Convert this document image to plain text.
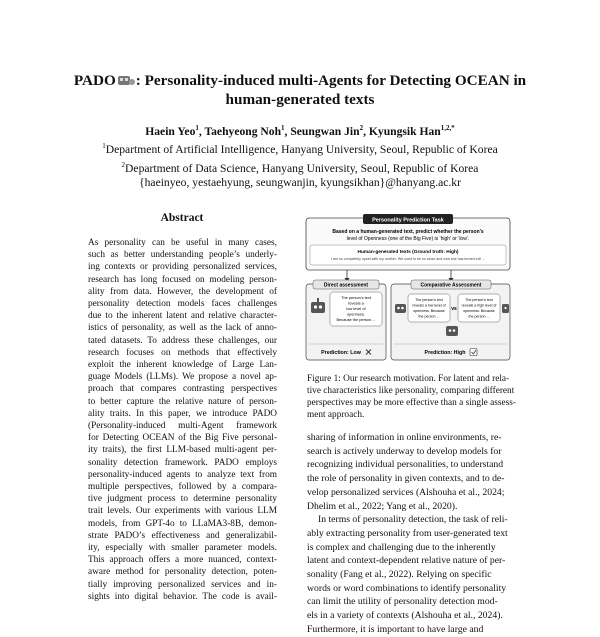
PADO : Personality-induced multi-Agents for Detecting OCEAN in
human-generated texts
Haein Yeo$^1$, Taehyeong Noh$^1$, Seungwan Jin$^2$, Kyungsik Han$^{1,2,*}$
$^1$Department of Artificial Intelligence, Hanyang University, Seoul, Republic of Korea
$^2$Department of Data Science, Hanyang University, Seoul, Republic of Korea
{haeinyeo, yestaehyung, seungwanjin, kyungsikhan}@hanyang.ac.kr
Abstract
As personality can be useful in many cases,
such as better understanding people’s underly-
ing contexts or providing personalized services,
research has long focused on modeling person-
ality from data. However, the development of
personality detection models faces challenges
due to the inherent latent and relative character-
istics of personality, as well as the lack of anno-
tated datasets. To address these challenges, our
research focuses on methods that effectively
exploit the inherent knowledge of Large Lan-
guage Models (LLMs). We propose a novel ap-
proach that compares contrasting perspectives
to better capture the relative nature of person-
ality traits. In this paper, we introduce PADO
(Personality-induced multi-Agent framework
for Detecting OCEAN of the Big Five personal-
ity traits), the first LLM-based multi-agent per-
sonality detection framework. PADO employs
personality-induced agents to analyze text from
multiple perspectives, followed by a compara-
tive judgment process to determine personality
trait levels. Our experiments with various LLM
models, from GPT-4o to LLaMA3-8B, demon-
strate PADO’s effectiveness and generalizabil-
ity, especially with smaller parameter models.
This approach offers a more nuanced, context-
aware method for personality detection, poten-
tially improving personalized services and in-
sights into digital behavior. The code is avail-
Personality Prediction Task
Based on a human-generated text, predict whether the person’s
level of Openness (one of the Big Five) is ‘high’ or ‘low’.
Human-generated texts (Ground truth: High)
I am so completely upset with my mother. We used to be so close and now she has turned evil ...
Direct assessment
The person’s text
reveals a
low level of
openness.
Because the person ...
Prediction: Low
Comparative Assessment
The person’s text
reveals a low level of
openness. Because
the person ...
vs
The person’s text
reveals a high level of
openness. Because
the person ...
Prediction: High
Figure 1: Our research motivation. For latent and rela-
tive characteristics like personality, comparing different
perspectives may be more effective than a single assess-
ment approach.
sharing of information in online environments, re-
search is actively underway to develop models for
recognizing individual personalities, to understand
the role of personality in given contexts, and to de-
velop personalized services (Alshouha et al., 2024;
Dhelim et al., 2022; Yang et al., 2020).
In terms of personality detection, the task of reli-
ably extracting personality from user-generated text
is complex and challenging due to the inherently
latent and context-dependent relative nature of per-
sonality (Fang et al., 2022). Relying on specific
words or word combinations to identify personality
can limit the utility of personality detection mod-
els in a variety of contexts (Alshouha et al., 2024).
Furthermore, it is important to have large and
